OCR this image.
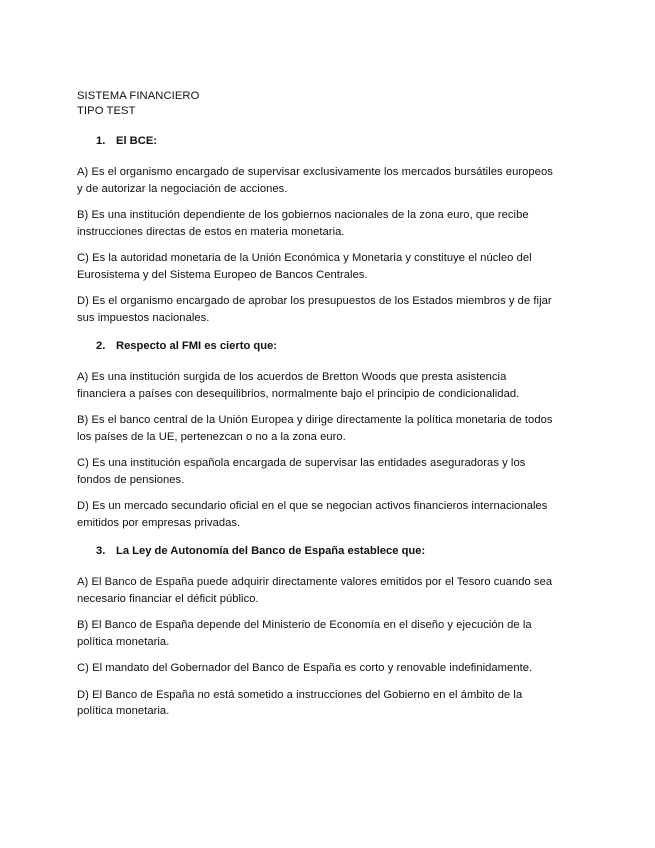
SISTEMA FINANCIERO

TIPO TEST

1. El BCE:

A) Es el organismo encargado de supervisar exclusivamente los mercados bursátiles europeos
y de autorizar la negociación de acciones.

B) Es una institución dependiente de los gobiernos nacionales de la zona euro, que recibe
instrucciones directas de estos en materia monetaria.

C) Es la autoridad monetaria de la Unión Económica y Monetaria y constituye el núcleo del
Eurosistema y del Sistema Europeo de Bancos Centrales.

D) Es el organismo encargado de aprobar los presupuestos de los Estados miembros y de fijar
sus impuestos nacionales.

2. Respecto al FMI es cierto que:

A) Es una institución surgida de los acuerdos de Bretton Woods que presta asistencia
financiera a países con desequilibrios, normalmente bajo el principio de condicionalidad.

B) Es el banco central de la Unión Europea y dirige directamente la política monetaria de todos
los países de la UE, pertenezcan o no a la zona euro.

C) Es una institución española encargada de supervisar las entidades aseguradoras y los
fondos de pensiones.

D) Es un mercado secundario oficial en el que se negocian activos financieros internacionales
emitidos por empresas privadas.

3. La Ley de Autonomía del Banco de España establece que:

A) El Banco de España puede adquirir directamente valores emitidos por el Tesoro cuando sea
necesario financiar el déficit público.

B) El Banco de España depende del Ministerio de Economía en el diseño y ejecución de la
política monetaria.

C) El mandato del Gobernador del Banco de España es corto y renovable indefinidamente.

D) El Banco de España no está sometido a instrucciones del Gobierno en el ámbito de la
política monetaria.
